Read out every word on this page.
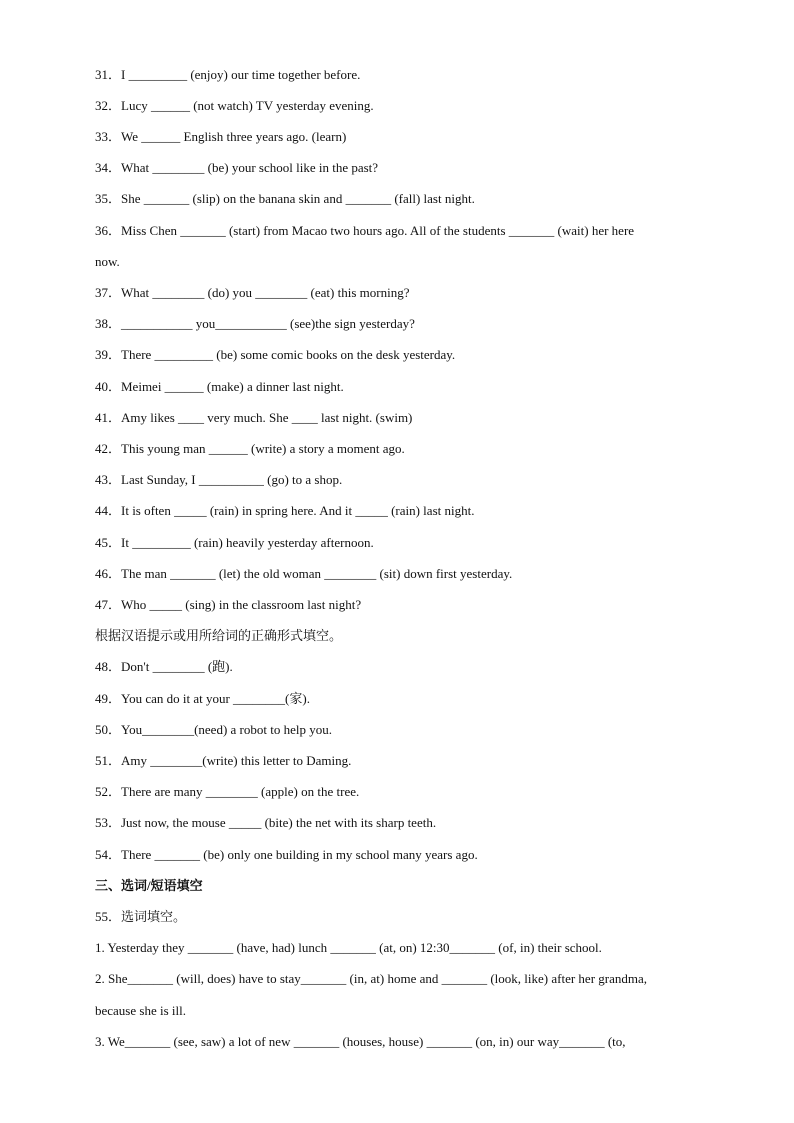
31．I _________ (enjoy) our time together before.
32．Lucy ______ (not watch) TV yesterday evening.
33．We ______ English three years ago. (learn)
34．What ________ (be) your school like in the past?
35．She _______ (slip) on the banana skin and _______ (fall) last night.
36．Miss Chen _______ (start) from Macao two hours ago. All of the students _______ (wait) her here
now.
37．What ________ (do) you ________ (eat) this morning?
38．___________ you___________ (see)the sign yesterday?
39．There _________ (be) some comic books on the desk yesterday.
40．Meimei ______ (make) a dinner last night.
41．Amy likes ____ very much. She ____ last night. (swim)
42．This young man ______ (write) a story a moment ago.
43．Last Sunday, I __________ (go) to a shop.
44．It is often _____ (rain) in spring here. And it _____ (rain) last night.
45．It _________ (rain) heavily yesterday afternoon.
46．The man _______ (let) the old woman ________ (sit) down first yesterday.
47．Who _____ (sing) in the classroom last night?
根据汉语提示或用所给词的正确形式填空。
48．Don't ________ (跑).
49．You can do it at your ________(家).
50．You________(need) a robot to help you.
51．Amy ________(write) this letter to Daming.
52．There are many ________ (apple) on the tree.
53．Just now, the mouse _____ (bite) the net with its sharp teeth.
54．There _______ (be) only one building in my school many years ago.
三、选词/短语填空
55．选词填空。
1. Yesterday they _______ (have, had) lunch _______ (at, on) 12:30_______ (of, in) their school.
2. She_______ (will, does) have to stay_______ (in, at) home and _______ (look, like) after her grandma,
because she is ill.
3. We_______ (see, saw) a lot of new _______ (houses, house) _______ (on, in) our way_______ (to,
